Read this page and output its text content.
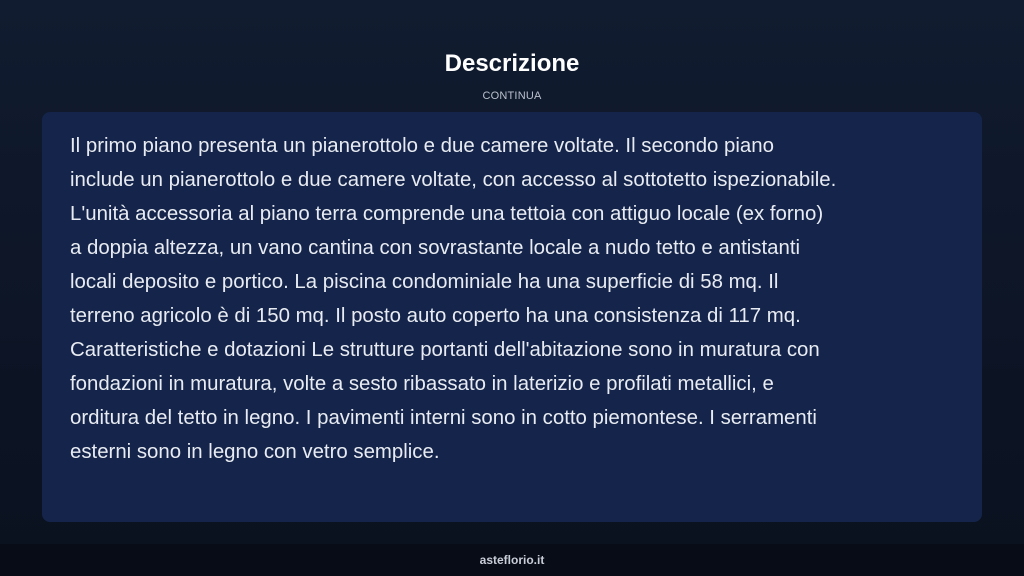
Descrizione
CONTINUA

Il primo piano presenta un pianerottolo e due camere voltate. Il secondo piano
include un pianerottolo e due camere voltate, con accesso al sottotetto ispezionabile.
L'unità accessoria al piano terra comprende una tettoia con attiguo locale (ex forno)
a doppia altezza, un vano cantina con sovrastante locale a nudo tetto e antistanti
locali deposito e portico. La piscina condominiale ha una superficie di 58 mq. Il
terreno agricolo è di 150 mq. Il posto auto coperto ha una consistenza di 117 mq.
Caratteristiche e dotazioni Le strutture portanti dell'abitazione sono in muratura con
fondazioni in muratura, volte a sesto ribassato in laterizio e profilati metallici, e
orditura del tetto in legno. I pavimenti interni sono in cotto piemontese. I serramenti
esterni sono in legno con vetro semplice.

asteflorio.it
